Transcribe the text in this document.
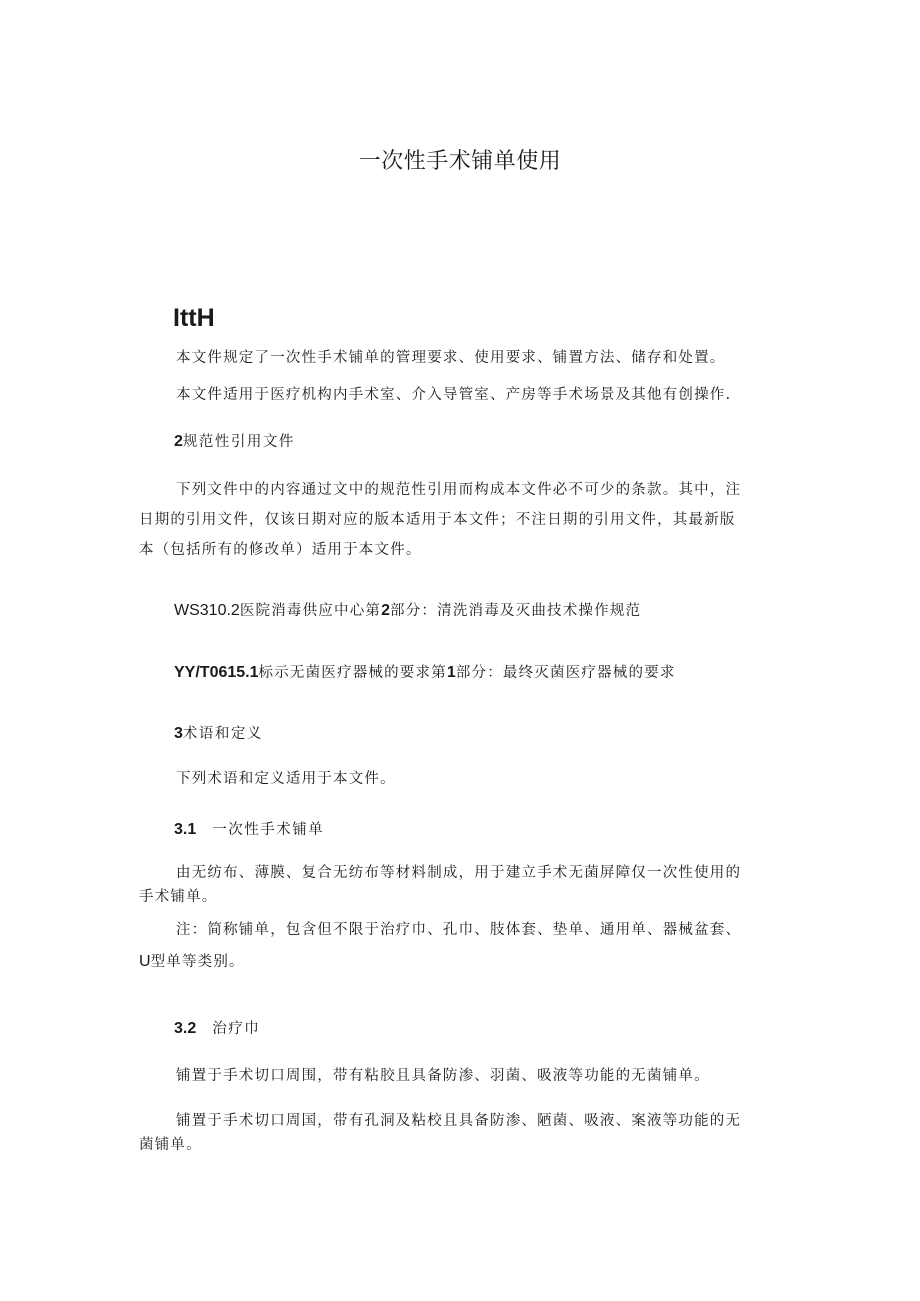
一次性手术铺单使用
IttH

本文件规定了一次性手术铺单的管理要求、使用要求、铺置方法、储存和处置。

本文件适用于医疗机构内手术室、介入导管室、产房等手术场景及其他有创操作.

2规范性引用文件
下列文件中的内容通过文中的规范性引用而构成本文件必不可少的条款。其中，注
日期的引用文件，仅该日期对应的版本适用于本文件；不注日期的引用文件，其最新版
本（包括所有的修改单）适用于本文件。
WS310.2医院消毒供应中心第2部分：清洗消毒及灭曲技术操作规范
YY/T0615.1标示无菌医疗器械的要求第1部分：最终灭菌医疗器械的要求
3术语和定义

下列术语和定义适用于本文件。

3.1 一次性手术铺单
由无纺布、薄膜、复合无纺布等材料制成，用于建立手术无菌屏障仅一次性使用的
手术铺单。
注：简称铺单，包含但不限于治疗巾、孔巾、肢体套、垫单、通用单、器械盆套、
U型单等类别。
3.2 治疗巾

铺置于手术切口周围，带有粘胶且具备防渗、羽菌、吸液等功能的无菌铺单。

铺置于手术切口周国，带有孔洞及粘校且具备防渗、陋菌、吸液、案液等功能的无
菌铺单。
